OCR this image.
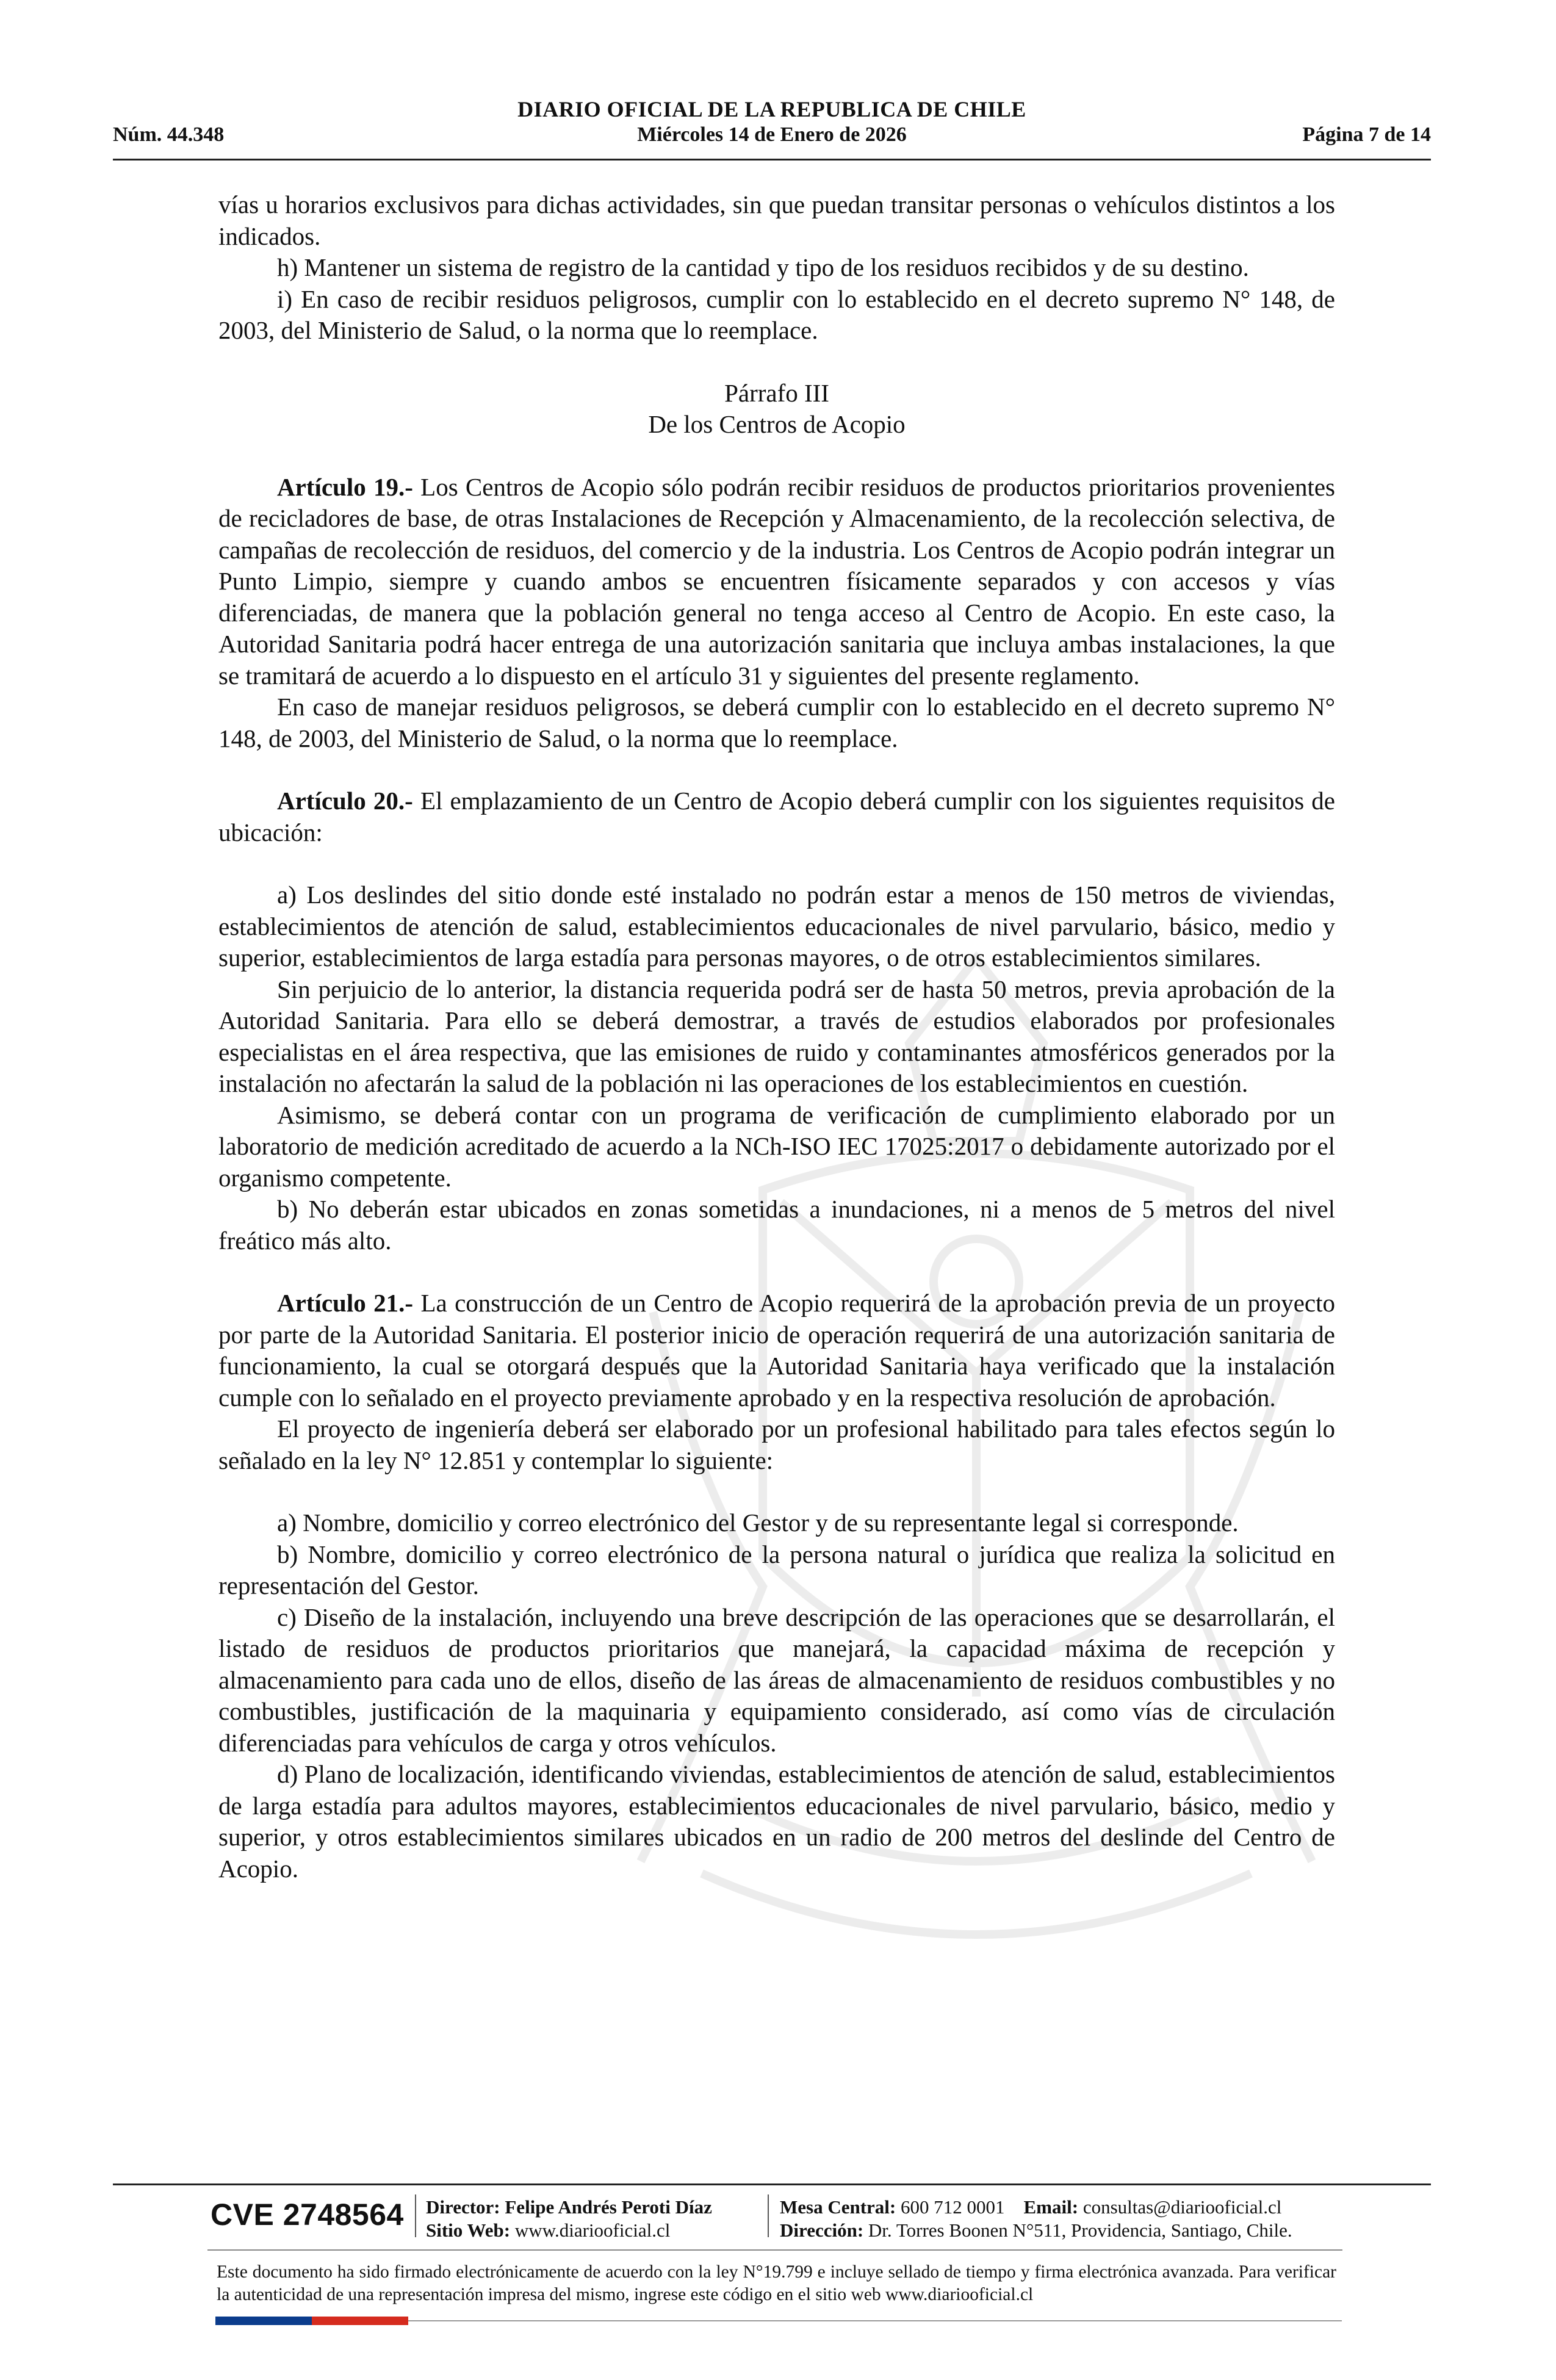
DIARIO OFICIAL DE LA REPUBLICA DE CHILE
Núm. 44.348	Miércoles 14 de Enero de 2026	Página 7 de 14

vías u horarios exclusivos para dichas actividades, sin que puedan transitar personas o vehículos distintos a los indicados.

h) Mantener un sistema de registro de la cantidad y tipo de los residuos recibidos y de su destino.

i) En caso de recibir residuos peligrosos, cumplir con lo establecido en el decreto supremo N° 148, de 2003, del Ministerio de Salud, o la norma que lo reemplace.

Párrafo III

De los Centros de Acopio

Artículo 19.- Los Centros de Acopio sólo podrán recibir residuos de productos prioritarios provenientes de recicladores de base, de otras Instalaciones de Recepción y Almacenamiento, de la recolección selectiva, de campañas de recolección de residuos, del comercio y de la industria. Los Centros de Acopio podrán integrar un Punto Limpio, siempre y cuando ambos se encuentren físicamente separados y con accesos y vías diferenciadas, de manera que la población general no tenga acceso al Centro de Acopio. En este caso, la Autoridad Sanitaria podrá hacer entrega de una autorización sanitaria que incluya ambas instalaciones, la que se tramitará de acuerdo a lo dispuesto en el artículo 31 y siguientes del presente reglamento.

En caso de manejar residuos peligrosos, se deberá cumplir con lo establecido en el decreto supremo N° 148, de 2003, del Ministerio de Salud, o la norma que lo reemplace.

Artículo 20.- El emplazamiento de un Centro de Acopio deberá cumplir con los siguientes requisitos de ubicación:

a) Los deslindes del sitio donde esté instalado no podrán estar a menos de 150 metros de viviendas, establecimientos de atención de salud, establecimientos educacionales de nivel parvulario, básico, medio y superior, establecimientos de larga estadía para personas mayores, o de otros establecimientos similares.

Sin perjuicio de lo anterior, la distancia requerida podrá ser de hasta 50 metros, previa aprobación de la Autoridad Sanitaria. Para ello se deberá demostrar, a través de estudios elaborados por profesionales especialistas en el área respectiva, que las emisiones de ruido y contaminantes atmosféricos generados por la instalación no afectarán la salud de la población ni las operaciones de los establecimientos en cuestión.

Asimismo, se deberá contar con un programa de verificación de cumplimiento elaborado por un laboratorio de medición acreditado de acuerdo a la NCh-ISO IEC 17025:2017 o debidamente autorizado por el organismo competente.

b) No deberán estar ubicados en zonas sometidas a inundaciones, ni a menos de 5 metros del nivel freático más alto.

Artículo 21.- La construcción de un Centro de Acopio requerirá de la aprobación previa de un proyecto por parte de la Autoridad Sanitaria. El posterior inicio de operación requerirá de una autorización sanitaria de funcionamiento, la cual se otorgará después que la Autoridad Sanitaria haya verificado que la instalación cumple con lo señalado en el proyecto previamente aprobado y en la respectiva resolución de aprobación.

El proyecto de ingeniería deberá ser elaborado por un profesional habilitado para tales efectos según lo señalado en la ley N° 12.851 y contemplar lo siguiente:

a) Nombre, domicilio y correo electrónico del Gestor y de su representante legal si corresponde.

b) Nombre, domicilio y correo electrónico de la persona natural o jurídica que realiza la solicitud en representación del Gestor.

c) Diseño de la instalación, incluyendo una breve descripción de las operaciones que se desarrollarán, el listado de residuos de productos prioritarios que manejará, la capacidad máxima de recepción y almacenamiento para cada uno de ellos, diseño de las áreas de almacenamiento de residuos combustibles y no combustibles, justificación de la maquinaria y equipamiento considerado, así como vías de circulación diferenciadas para vehículos de carga y otros vehículos.

d) Plano de localización, identificando viviendas, establecimientos de atención de salud, establecimientos de larga estadía para adultos mayores, establecimientos educacionales de nivel parvulario, básico, medio y superior, y otros establecimientos similares ubicados en un radio de 200 metros del deslinde del Centro de Acopio.

CVE 2748564 Director: Felipe Andrés Peroti Díaz
Sitio Web: www.diariooficial.cl
Mesa Central: 600 712 0001 Email: consultas@diariooficial.cl
Dirección: Dr. Torres Boonen N°511, Providencia, Santiago, Chile.
Este documento ha sido firmado electrónicamente de acuerdo con la ley N°19.799 e incluye sellado de tiempo y firma electrónica avanzada. Para verificar la autenticidad de una representación impresa del mismo, ingrese este código en el sitio web www.diariooficial.cl
